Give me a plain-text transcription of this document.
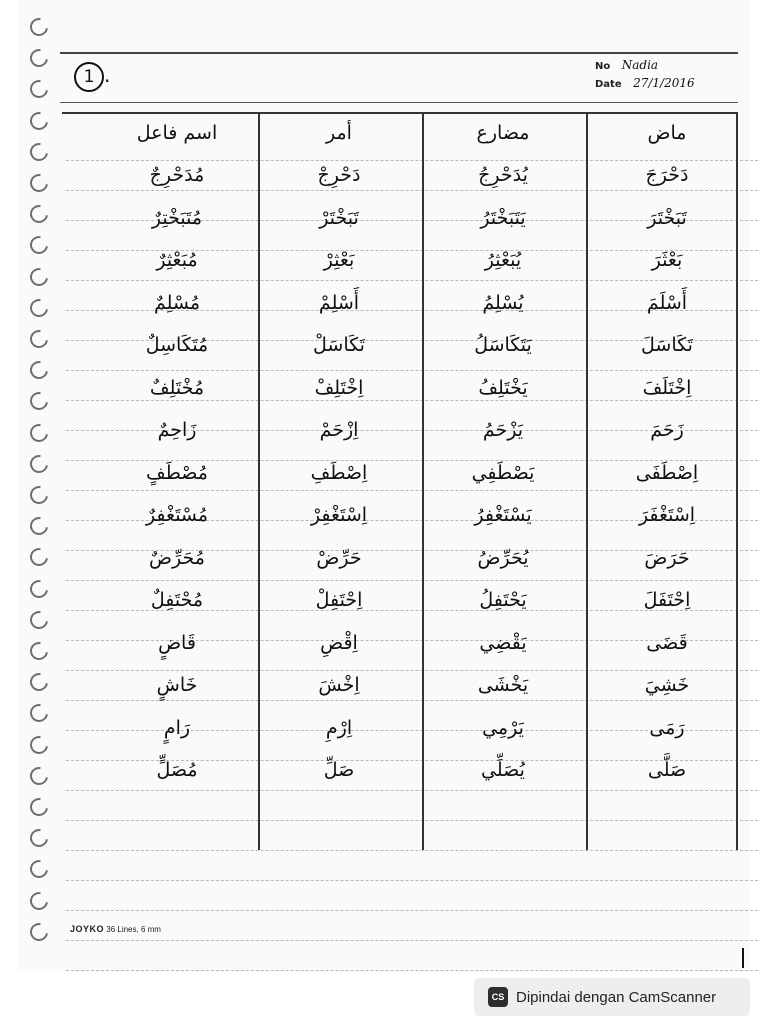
1 .	No Nadia
Date 27/1/2016
ماض
مضارع
أمر
اسم فاعل
دَحْرَجَ
يُدَحْرِجُ
دَحْرِجْ
مُدَحْرِجٌ
تَبَخْتَرَ
يَتَبَخْتَرُ
تَبَخْتَرْ
مُتَبَخْتِرٌ
بَعْثَرَ
يُبَعْثِرُ
بَعْثِرْ
مُبَعْثِرٌ
أَسْلَمَ
يُسْلِمُ
أَسْلِمْ
مُسْلِمٌ
تَكَاسَلَ
يَتَكَاسَلُ
تَكَاسَلْ
مُتَكَاسِلٌ
اِخْتَلَفَ
يَخْتَلِفُ
اِخْتَلِفْ
مُخْتَلِفٌ
زَحَمَ
يَزْحَمُ
اِزْحَمْ
زَاحِمٌ
اِصْطَفَى
يَصْطَفِي
اِصْطَفِ
مُصْطَفٍ
اِسْتَغْفَرَ
يَسْتَغْفِرُ
اِسْتَغْفِرْ
مُسْتَغْفِرٌ
حَرَضَ
يُحَرِّضُ
حَرِّضْ
مُحَرِّضٌ
اِحْتَفَلَ
يَحْتَفِلُ
اِحْتَفِلْ
مُحْتَفِلٌ
قَضَى
يَقْضِي
اِقْضِ
قَاضٍ
خَشِيَ
يَخْشَى
اِخْشَ
خَاشٍ
رَمَى
يَرْمِي
اِرْمِ
رَامٍ
صَلَّى
يُصَلِّي
صَلِّ
مُصَلٍّ
JOYKO 36 Lines, 6 mm
CS Dipindai dengan CamScanner
